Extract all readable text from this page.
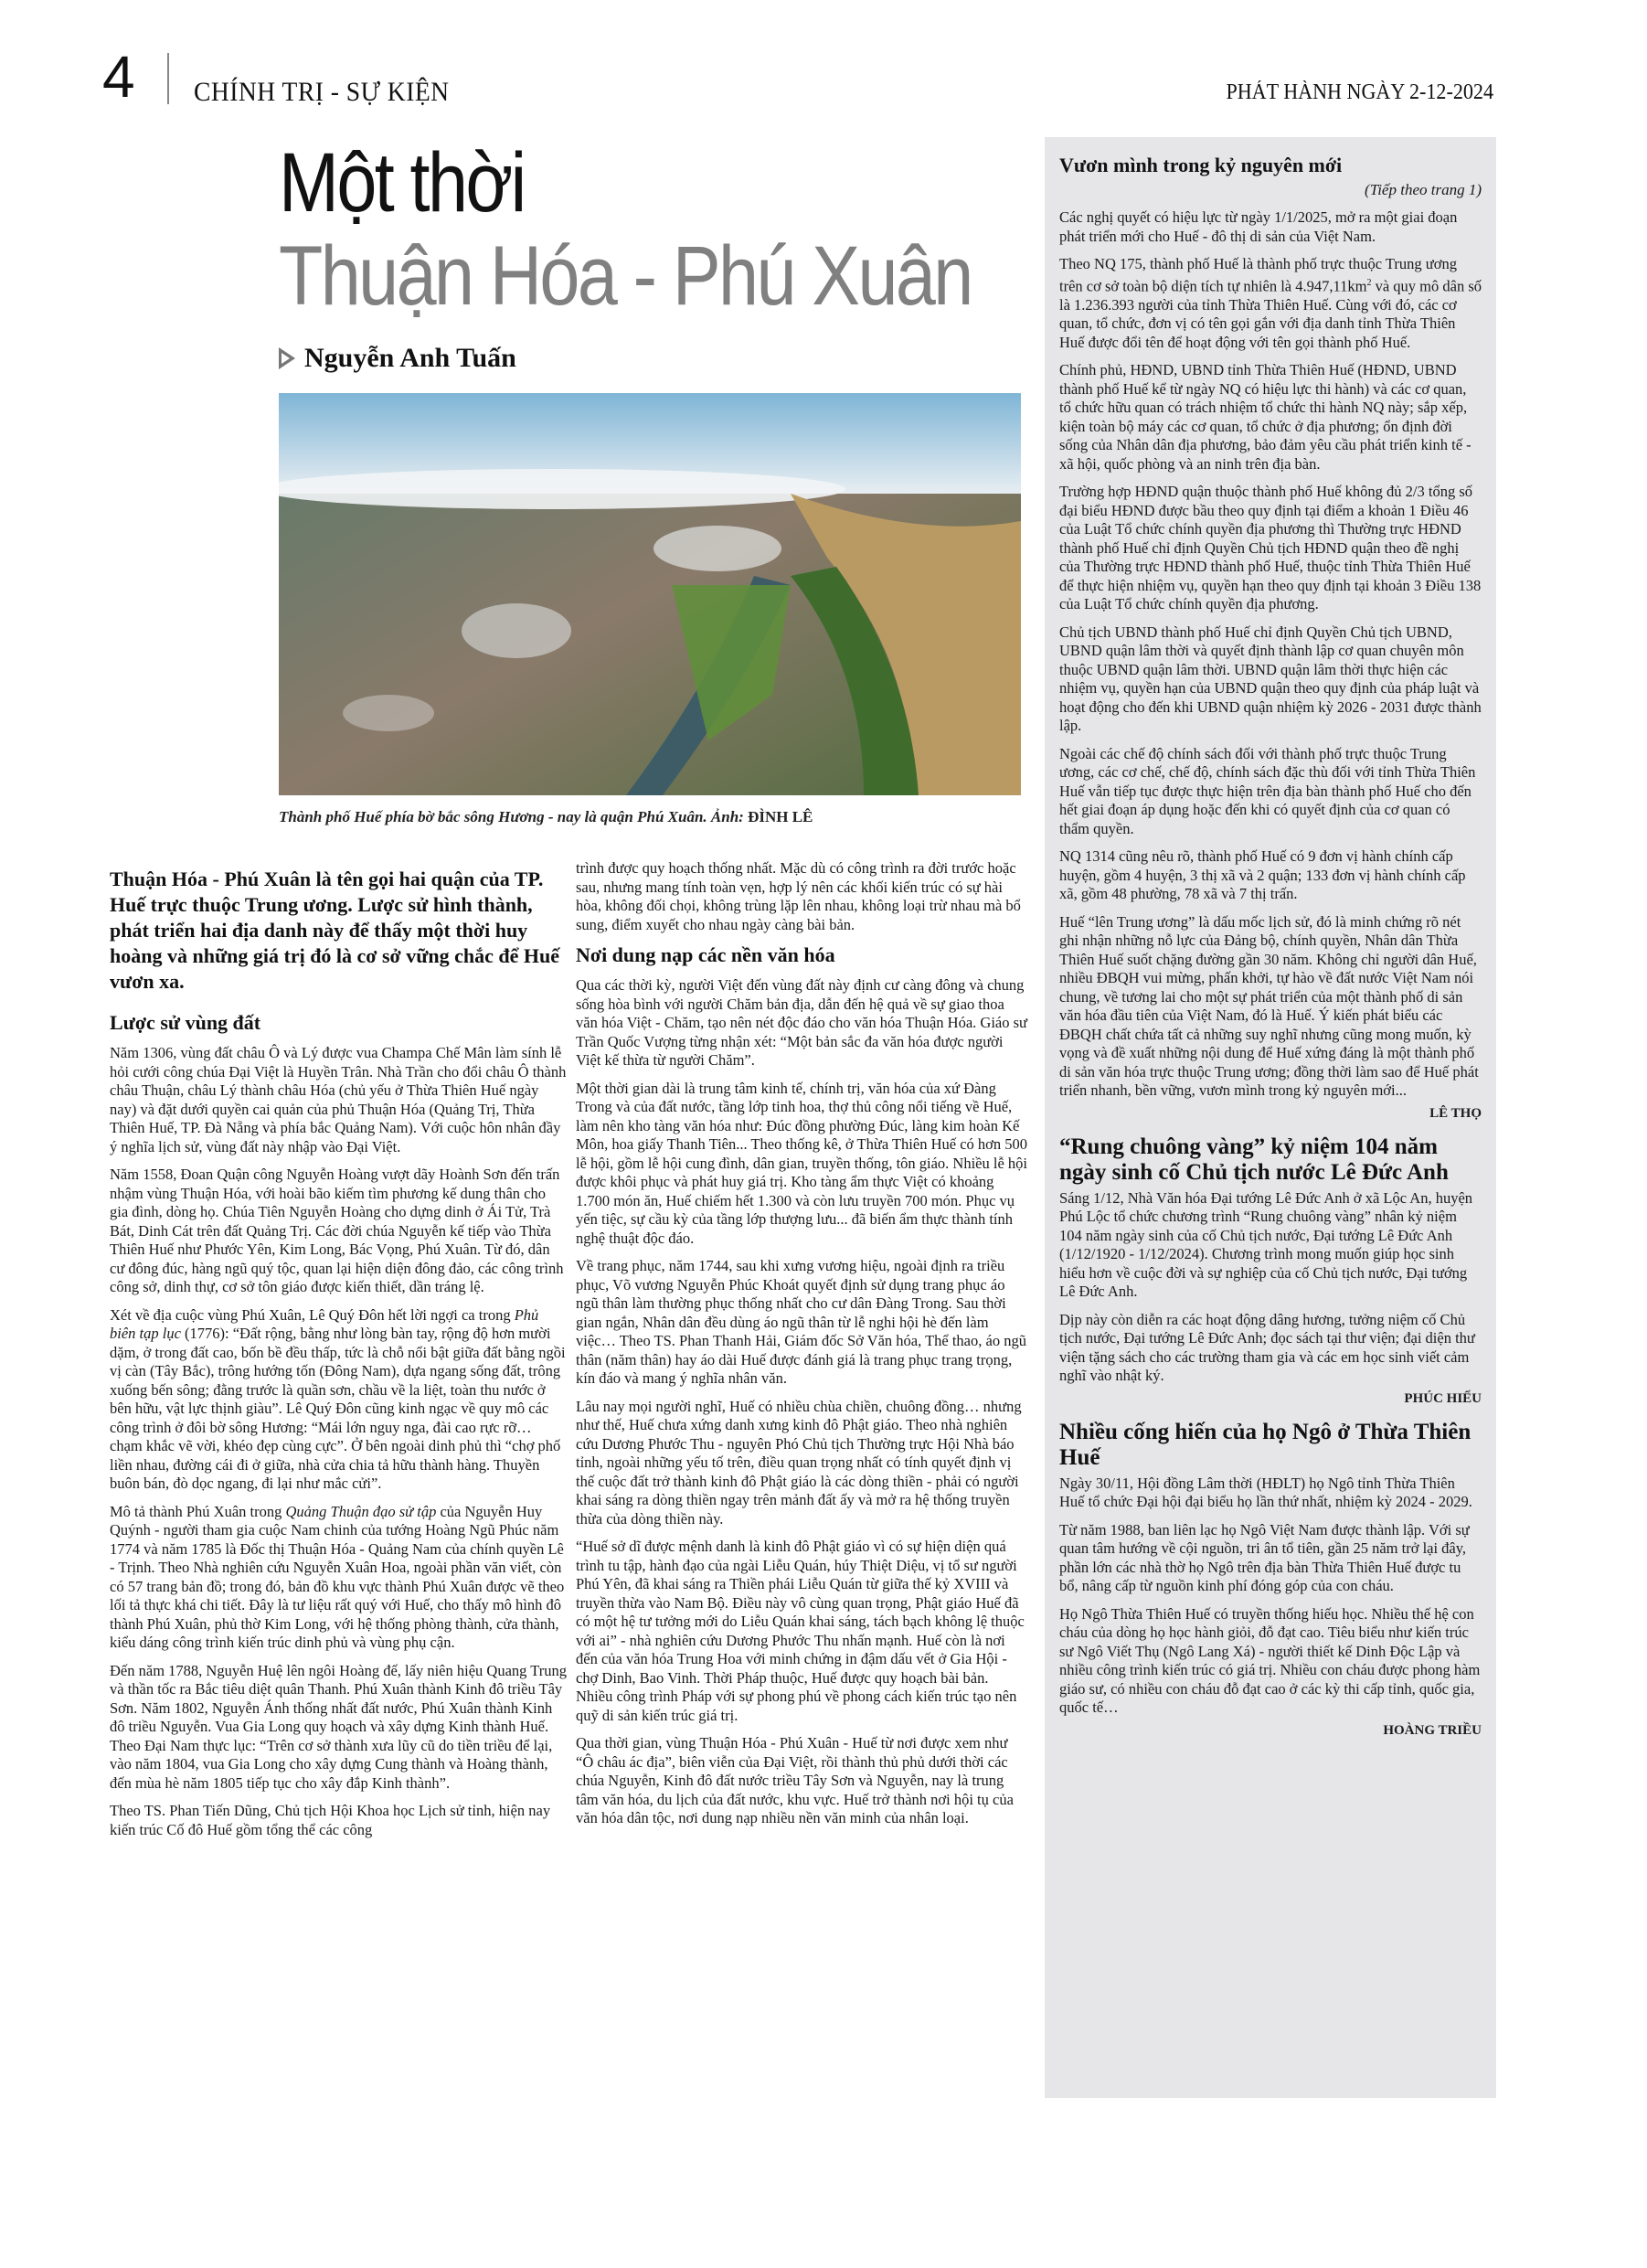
4 CHÍNH TRỊ - SỰ KIỆN	PHÁT HÀNH NGÀY 2-12-2024
Một thời
Thuận Hóa - Phú Xuân
Nguyễn Anh Tuấn
Thành phố Huế phía bờ bắc sông Hương - nay là quận Phú Xuân. Ảnh: ĐÌNH LÊ
Thuận Hóa - Phú Xuân là tên gọi hai quận của TP. Huế trực thuộc Trung ương. Lược sử hình thành, phát triển hai địa danh này để thấy một thời huy hoàng và những giá trị đó là cơ sở vững chắc để Huế vươn xa.
Lược sử vùng đất

Năm 1306, vùng đất châu Ô và Lý được vua Champa Chế Mân làm sính lễ hỏi cưới công chúa Đại Việt là Huyền Trân. Nhà Trần cho đổi châu Ô thành châu Thuận, châu Lý thành châu Hóa (chủ yếu ở Thừa Thiên Huế ngày nay) và đặt dưới quyền cai quản của phủ Thuận Hóa (Quảng Trị, Thừa Thiên Huế, TP. Đà Nẵng và phía bắc Quảng Nam). Với cuộc hôn nhân đầy ý nghĩa lịch sử, vùng đất này nhập vào Đại Việt.

Năm 1558, Đoan Quận công Nguyễn Hoàng vượt dãy Hoành Sơn đến trấn nhậm vùng Thuận Hóa, với hoài bão kiếm tìm phương kế dung thân cho gia đình, dòng họ. Chúa Tiên Nguyễn Hoàng cho dựng dinh ở Ái Tử, Trà Bát, Dinh Cát trên đất Quảng Trị. Các đời chúa Nguyễn kế tiếp vào Thừa Thiên Huế như Phước Yên, Kim Long, Bác Vọng, Phú Xuân. Từ đó, dân cư đông đúc, hàng ngũ quý tộc, quan lại hiện diện đông đảo, các công trình công sở, dinh thự, cơ sở tôn giáo được kiến thiết, dần tráng lệ.

Xét về địa cuộc vùng Phú Xuân, Lê Quý Đôn hết lời ngợi ca trong Phủ biên tạp lục (1776): “Đất rộng, bằng như lòng bàn tay, rộng độ hơn mười dặm, ở trong đất cao, bốn bề đều thấp, tức là chỗ nổi bật giữa đất bằng ngồi vị càn (Tây Bắc), trông hướng tốn (Đông Nam), dựa ngang sống đất, trông xuống bến sông; đằng trước là quần sơn, chầu về la liệt, toàn thu nước ở bên hữu, vật lực thịnh giàu”. Lê Quý Đôn cũng kinh ngạc về quy mô các công trình ở đôi bờ sông Hương: “Mái lớn nguy nga, đài cao rực rỡ… chạm khắc vẽ vời, khéo đẹp cùng cực”. Ở bên ngoài dinh phủ thì “chợ phố liền nhau, đường cái đi ở giữa, nhà cửa chia tả hữu thành hàng. Thuyền buôn bán, đò dọc ngang, đi lại như mắc cửi”.

Mô tả thành Phú Xuân trong Quảng Thuận đạo sử tập của Nguyễn Huy Quýnh - người tham gia cuộc Nam chinh của tướng Hoàng Ngũ Phúc năm 1774 và năm 1785 là Đốc thị Thuận Hóa - Quảng Nam của chính quyền Lê - Trịnh. Theo Nhà nghiên cứu Nguyễn Xuân Hoa, ngoài phần văn viết, còn có 57 trang bản đồ; trong đó, bản đồ khu vực thành Phú Xuân được vẽ theo lối tả thực khá chi tiết. Đây là tư liệu rất quý với Huế, cho thấy mô hình đô thành Phú Xuân, phủ thờ Kim Long, với hệ thống phòng thành, cửa thành, kiểu dáng công trình kiến trúc dinh phủ và vùng phụ cận.

Đến năm 1788, Nguyễn Huệ lên ngôi Hoàng đế, lấy niên hiệu Quang Trung và thần tốc ra Bắc tiêu diệt quân Thanh. Phú Xuân thành Kinh đô triều Tây Sơn. Năm 1802, Nguyễn Ánh thống nhất đất nước, Phú Xuân thành Kinh đô triều Nguyễn. Vua Gia Long quy hoạch và xây dựng Kinh thành Huế. Theo Đại Nam thực lục: “Trên cơ sở thành xưa lũy cũ do tiền triều để lại, vào năm 1804, vua Gia Long cho xây dựng Cung thành và Hoàng thành, đến mùa hè năm 1805 tiếp tục cho xây đắp Kinh thành”.

Theo TS. Phan Tiến Dũng, Chủ tịch Hội Khoa học Lịch sử tỉnh, hiện nay kiến trúc Cố đô Huế gồm tổng thể các công

trình được quy hoạch thống nhất. Mặc dù có công trình ra đời trước hoặc sau, nhưng mang tính toàn vẹn, hợp lý nên các khối kiến trúc có sự hài hòa, không đối chọi, không trùng lặp lên nhau, không loại trừ nhau mà bổ sung, điểm xuyết cho nhau ngày càng bài bản.

Nơi dung nạp các nền văn hóa

Qua các thời kỳ, người Việt đến vùng đất này định cư càng đông và chung sống hòa bình với người Chăm bản địa, dẫn đến hệ quả về sự giao thoa văn hóa Việt - Chăm, tạo nên nét độc đáo cho văn hóa Thuận Hóa. Giáo sư Trần Quốc Vượng từng nhận xét: “Một bản sắc đa văn hóa được người Việt kế thừa từ người Chăm”.

Một thời gian dài là trung tâm kinh tế, chính trị, văn hóa của xứ Đàng Trong và của đất nước, tầng lớp tinh hoa, thợ thủ công nổi tiếng về Huế, làm nên kho tàng văn hóa như: Đúc đồng phường Đúc, làng kim hoàn Kế Môn, hoa giấy Thanh Tiên... Theo thống kê, ở Thừa Thiên Huế có hơn 500 lễ hội, gồm lễ hội cung đình, dân gian, truyền thống, tôn giáo. Nhiều lễ hội được khôi phục và phát huy giá trị. Kho tàng ẩm thực Việt có khoảng 1.700 món ăn, Huế chiếm hết 1.300 và còn lưu truyền 700 món. Phục vụ yến tiệc, sự cầu kỳ của tầng lớp thượng lưu... đã biến ẩm thực thành tính nghệ thuật độc đáo.

Về trang phục, năm 1744, sau khi xưng vương hiệu, ngoài định ra triều phục, Võ vương Nguyễn Phúc Khoát quyết định sử dụng trang phục áo ngũ thân làm thường phục thống nhất cho cư dân Đàng Trong. Sau thời gian ngắn, Nhân dân đều dùng áo ngũ thân từ lễ nghi hội hè đến làm việc… Theo TS. Phan Thanh Hải, Giám đốc Sở Văn hóa, Thể thao, áo ngũ thân (năm thân) hay áo dài Huế được đánh giá là trang phục trang trọng, kín đáo và mang ý nghĩa nhân văn.

Lâu nay mọi người nghĩ, Huế có nhiều chùa chiền, chuông đồng… nhưng như thế, Huế chưa xứng danh xưng kinh đô Phật giáo. Theo nhà nghiên cứu Dương Phước Thu - nguyên Phó Chủ tịch Thường trực Hội Nhà báo tỉnh, ngoài những yếu tố trên, điều quan trọng nhất có tính quyết định vị thế cuộc đất trở thành kinh đô Phật giáo là các dòng thiền - phải có người khai sáng ra dòng thiền ngay trên mảnh đất ấy và mở ra hệ thống truyền thừa của dòng thiền này.

“Huế sở dĩ được mệnh danh là kinh đô Phật giáo vì có sự hiện diện quá trình tu tập, hành đạo của ngài Liễu Quán, húy Thiệt Diệu, vị tổ sư người Phú Yên, đã khai sáng ra Thiền phái Liễu Quán từ giữa thế kỷ XVIII và truyền thừa vào Nam Bộ. Điều này vô cùng quan trọng, Phật giáo Huế đã có một hệ tư tưởng mới do Liễu Quán khai sáng, tách bạch không lệ thuộc với ai” - nhà nghiên cứu Dương Phước Thu nhấn mạnh. Huế còn là nơi đến của văn hóa Trung Hoa với minh chứng in đậm dấu vết ở Gia Hội - chợ Dinh, Bao Vinh. Thời Pháp thuộc, Huế được quy hoạch bài bản. Nhiều công trình Pháp với sự phong phú về phong cách kiến trúc tạo nên quỹ di sản kiến trúc giá trị.

Qua thời gian, vùng Thuận Hóa - Phú Xuân - Huế từ nơi được xem như “Ô châu ác địa”, biên viễn của Đại Việt, rồi thành thủ phủ dưới thời các chúa Nguyễn, Kinh đô đất nước triều Tây Sơn và Nguyễn, nay là trung tâm văn hóa, du lịch của đất nước, khu vực. Huế trở thành nơi hội tụ của văn hóa dân tộc, nơi dung nạp nhiều nền văn minh của nhân loại.

Vươn mình trong kỷ nguyên mới
(Tiếp theo trang 1)

Các nghị quyết có hiệu lực từ ngày 1/1/2025, mở ra một giai đoạn phát triển mới cho Huế - đô thị di sản của Việt Nam.

Theo NQ 175, thành phố Huế là thành phố trực thuộc Trung ương trên cơ sở toàn bộ diện tích tự nhiên là $4.947,11km^2$ và quy mô dân số là 1.236.393 người của tỉnh Thừa Thiên Huế. Cùng với đó, các cơ quan, tổ chức, đơn vị có tên gọi gắn với địa danh tỉnh Thừa Thiên Huế được đổi tên để hoạt động với tên gọi thành phố Huế.

Chính phủ, HĐND, UBND tỉnh Thừa Thiên Huế (HĐND, UBND thành phố Huế kể từ ngày NQ có hiệu lực thi hành) và các cơ quan, tổ chức hữu quan có trách nhiệm tổ chức thi hành NQ này; sắp xếp, kiện toàn bộ máy các cơ quan, tổ chức ở địa phương; ổn định đời sống của Nhân dân địa phương, bảo đảm yêu cầu phát triển kinh tế - xã hội, quốc phòng và an ninh trên địa bàn.

Trường hợp HĐND quận thuộc thành phố Huế không đủ 2/3 tổng số đại biểu HĐND được bầu theo quy định tại điểm a khoản 1 Điều 46 của Luật Tổ chức chính quyền địa phương thì Thường trực HĐND thành phố Huế chỉ định Quyền Chủ tịch HĐND quận theo đề nghị của Thường trực HĐND thành phố Huế, thuộc tỉnh Thừa Thiên Huế để thực hiện nhiệm vụ, quyền hạn theo quy định tại khoản 3 Điều 138 của Luật Tổ chức chính quyền địa phương.

Chủ tịch UBND thành phố Huế chỉ định Quyền Chủ tịch UBND, UBND quận lâm thời và quyết định thành lập cơ quan chuyên môn thuộc UBND quận lâm thời. UBND quận lâm thời thực hiện các nhiệm vụ, quyền hạn của UBND quận theo quy định của pháp luật và hoạt động cho đến khi UBND quận nhiệm kỳ 2026 - 2031 được thành lập.

Ngoài các chế độ chính sách đối với thành phố trực thuộc Trung ương, các cơ chế, chế độ, chính sách đặc thù đối với tỉnh Thừa Thiên Huế vẫn tiếp tục được thực hiện trên địa bàn thành phố Huế cho đến hết giai đoạn áp dụng hoặc đến khi có quyết định của cơ quan có thẩm quyền.

NQ 1314 cũng nêu rõ, thành phố Huế có 9 đơn vị hành chính cấp huyện, gồm 4 huyện, 3 thị xã và 2 quận; 133 đơn vị hành chính cấp xã, gồm 48 phường, 78 xã và 7 thị trấn.

Huế “lên Trung ương” là dấu mốc lịch sử, đó là minh chứng rõ nét ghi nhận những nỗ lực của Đảng bộ, chính quyền, Nhân dân Thừa Thiên Huế suốt chặng đường gần 30 năm. Không chỉ người dân Huế, nhiều ĐBQH vui mừng, phấn khởi, tự hào về đất nước Việt Nam nói chung, về tương lai cho một sự phát triển của một thành phố di sản văn hóa đầu tiên của Việt Nam, đó là Huế. Ý kiến phát biểu các ĐBQH chất chứa tất cả những suy nghĩ nhưng cũng mong muốn, kỳ vọng và đề xuất những nội dung để Huế xứng đáng là một thành phố di sản văn hóa trực thuộc Trung ương; đồng thời làm sao để Huế phát triển nhanh, bền vững, vươn mình trong kỷ nguyên mới...

LÊ THỌ
“Rung chuông vàng” kỷ niệm 104 năm ngày sinh cố Chủ tịch nước Lê Đức Anh

Sáng 1/12, Nhà Văn hóa Đại tướng Lê Đức Anh ở xã Lộc An, huyện Phú Lộc tổ chức chương trình “Rung chuông vàng” nhân kỷ niệm 104 năm ngày sinh của cố Chủ tịch nước, Đại tướng Lê Đức Anh (1/12/1920 - 1/12/2024). Chương trình mong muốn giúp học sinh hiểu hơn về cuộc đời và sự nghiệp của cố Chủ tịch nước, Đại tướng Lê Đức Anh.

Dịp này còn diễn ra các hoạt động dâng hương, tưởng niệm cố Chủ tịch nước, Đại tướng Lê Đức Anh; đọc sách tại thư viện; đại diện thư viện tặng sách cho các trường tham gia và các em học sinh viết cảm nghĩ vào nhật ký.

PHÚC HIẾU
Nhiều cống hiến của họ Ngô ở Thừa Thiên Huế

Ngày 30/11, Hội đồng Lâm thời (HĐLT) họ Ngô tỉnh Thừa Thiên Huế tổ chức Đại hội đại biểu họ lần thứ nhất, nhiệm kỳ 2024 - 2029.

Từ năm 1988, ban liên lạc họ Ngô Việt Nam được thành lập. Với sự quan tâm hướng về cội nguồn, tri ân tổ tiên, gần 25 năm trở lại đây, phần lớn các nhà thờ họ Ngô trên địa bàn Thừa Thiên Huế được tu bổ, nâng cấp từ nguồn kinh phí đóng góp của con cháu.

Họ Ngô Thừa Thiên Huế có truyền thống hiếu học. Nhiều thế hệ con cháu của dòng họ học hành giỏi, đỗ đạt cao. Tiêu biểu như kiến trúc sư Ngô Viết Thụ (Ngô Lang Xá) - người thiết kế Dinh Độc Lập và nhiều công trình kiến trúc có giá trị. Nhiều con cháu được phong hàm giáo sư, có nhiều con cháu đỗ đạt cao ở các kỳ thi cấp tỉnh, quốc gia, quốc tế…

HOÀNG TRIỀU
